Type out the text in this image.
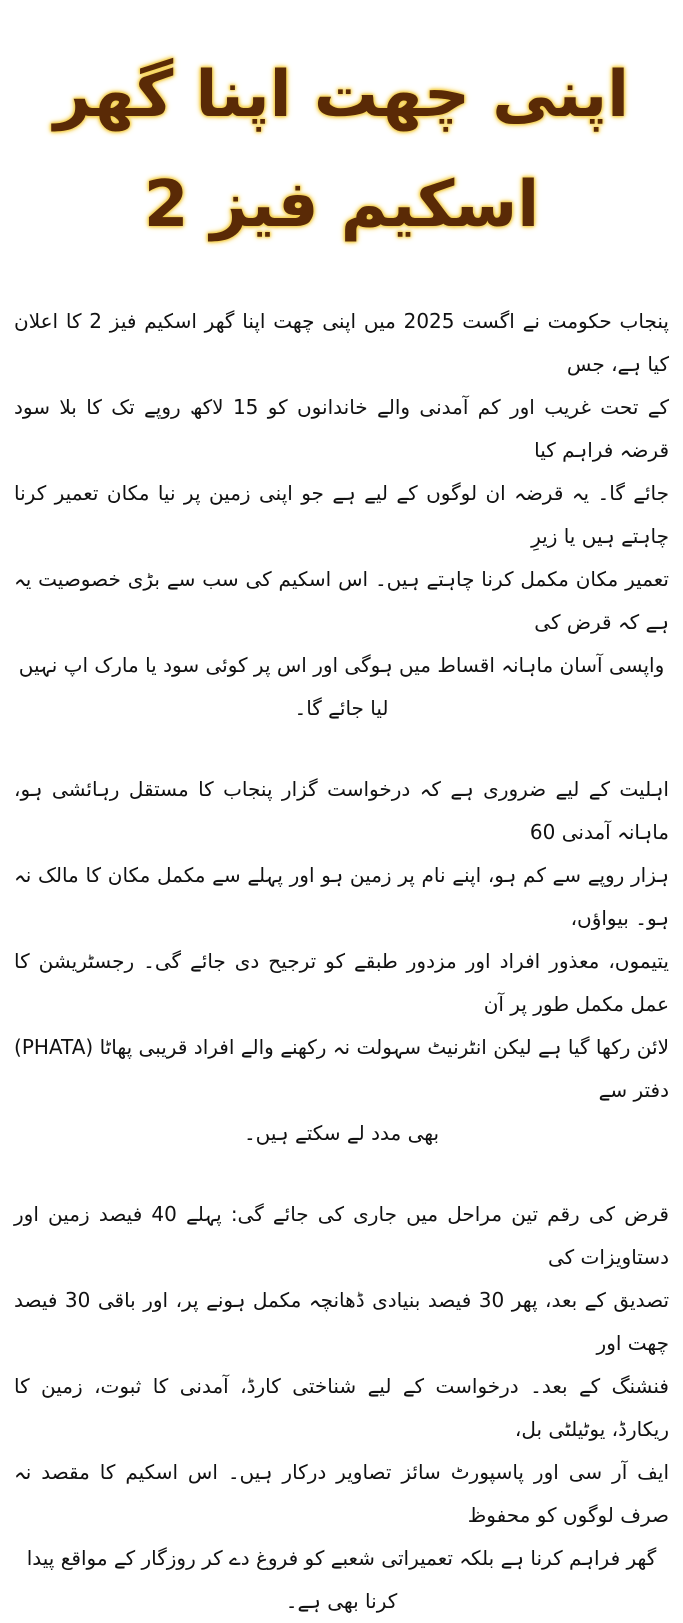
اپنی چھت اپنا گھر اسکیم فیز 2
پنجاب حکومت نے اگست 2025 میں اپنی چھت اپنا گھر اسکیم فیز 2 کا اعلان کیا ہے، جس
کے تحت غریب اور کم آمدنی والے خاندانوں کو 15 لاکھ روپے تک کا بلا سود قرضہ فراہم کیا
جائے گا۔ یہ قرضہ ان لوگوں کے لیے ہے جو اپنی زمین پر نیا مکان تعمیر کرنا چاہتے ہیں یا زیرِ
تعمیر مکان مکمل کرنا چاہتے ہیں۔ اس اسکیم کی سب سے بڑی خصوصیت یہ ہے کہ قرض کی
واپسی آسان ماہانہ اقساط میں ہوگی اور اس پر کوئی سود یا مارک اپ نہیں لیا جائے گا۔
اہلیت کے لیے ضروری ہے کہ درخواست گزار پنجاب کا مستقل رہائشی ہو، ماہانہ آمدنی 60
ہزار روپے سے کم ہو، اپنے نام پر زمین ہو اور پہلے سے مکمل مکان کا مالک نہ ہو۔ بیواؤں،
یتیموں، معذور افراد اور مزدور طبقے کو ترجیح دی جائے گی۔ رجسٹریشن کا عمل مکمل طور پر آن
لائن رکھا گیا ہے لیکن انٹرنیٹ سہولت نہ رکھنے والے افراد قریبی پھاٹا (PHATA) دفتر سے
بھی مدد لے سکتے ہیں۔
قرض کی رقم تین مراحل میں جاری کی جائے گی: پہلے 40 فیصد زمین اور دستاویزات کی
تصدیق کے بعد، پھر 30 فیصد بنیادی ڈھانچہ مکمل ہونے پر، اور باقی 30 فیصد چھت اور
فنشنگ کے بعد۔ درخواست کے لیے شناختی کارڈ، آمدنی کا ثبوت، زمین کا ریکارڈ، یوٹیلٹی بل،
ایف آر سی اور پاسپورٹ سائز تصاویر درکار ہیں۔ اس اسکیم کا مقصد نہ صرف لوگوں کو محفوظ
گھر فراہم کرنا ہے بلکہ تعمیراتی شعبے کو فروغ دے کر روزگار کے مواقع پیدا کرنا بھی ہے۔
